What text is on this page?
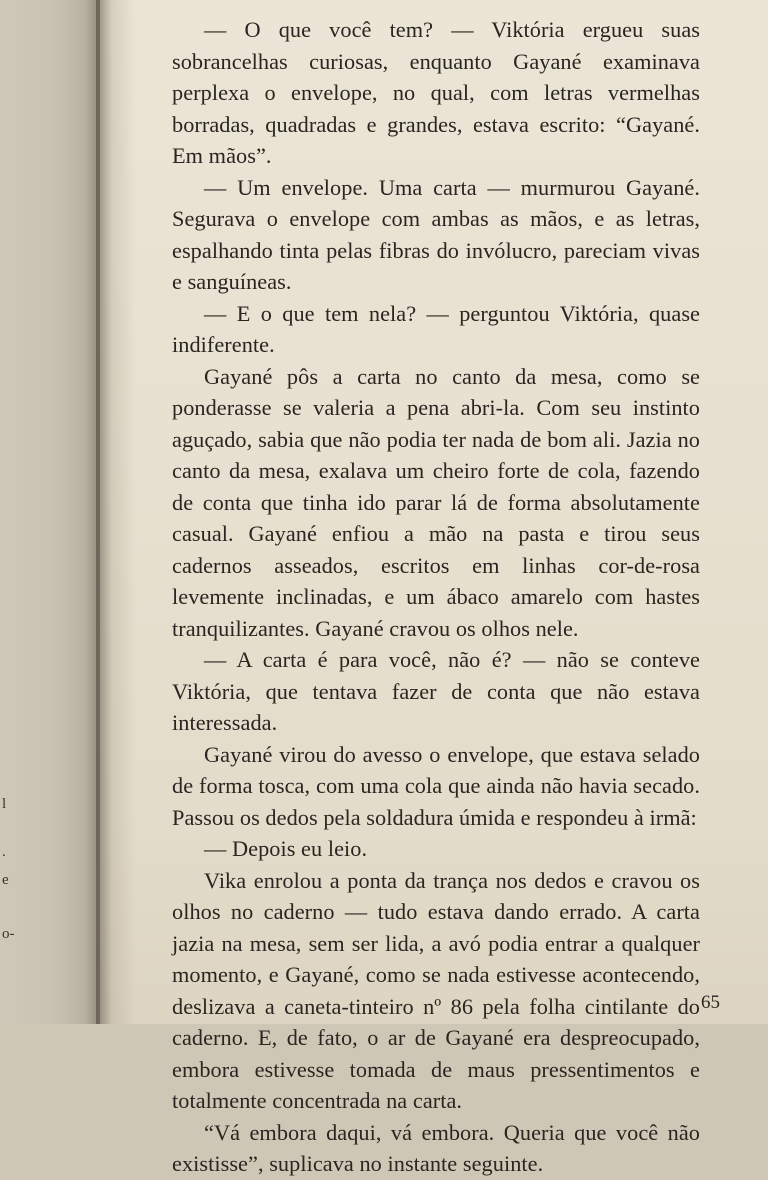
l
.
e
o-

— O que você tem? — Viktória ergueu suas sobrancelhas curiosas, enquanto Gayané examinava perplexa o envelope, no qual, com letras vermelhas borradas, quadradas e grandes, estava escrito: “Gayané. Em mãos”.

— Um envelope. Uma carta — murmurou Gayané. Segurava o envelope com ambas as mãos, e as letras, espalhando tinta pelas fibras do invólucro, pareciam vivas e sanguíneas.

— E o que tem nela? — perguntou Viktória, quase indiferente.

Gayané pôs a carta no canto da mesa, como se ponderasse se valeria a pena abri-la. Com seu instinto aguçado, sabia que não podia ter nada de bom ali. Jazia no canto da mesa, exalava um cheiro forte de cola, fazendo de conta que tinha ido parar lá de forma absolutamente casual. Gayané enfiou a mão na pasta e tirou seus cadernos asseados, escritos em linhas cor-de-rosa levemente inclinadas, e um ábaco amarelo com hastes tranquilizantes. Gayané cravou os olhos nele.

— A carta é para você, não é? — não se conteve Viktória, que tentava fazer de conta que não estava interessada.

Gayané virou do avesso o envelope, que estava selado de forma tosca, com uma cola que ainda não havia secado. Passou os dedos pela soldadura úmida e respondeu à irmã:

— Depois eu leio.

Vika enrolou a ponta da trança nos dedos e cravou os olhos no caderno — tudo estava dando errado. A carta jazia na mesa, sem ser lida, a avó podia entrar a qualquer momento, e Gayané, como se nada estivesse acontecendo, deslizava a caneta-tinteiro nº 86 pela folha cintilante do caderno. E, de fato, o ar de Gayané era despreocupado, embora estivesse tomada de maus pressentimentos e totalmente concentrada na carta.

“Vá embora daqui, vá embora. Queria que você não existisse”, suplicava no instante seguinte.

65
